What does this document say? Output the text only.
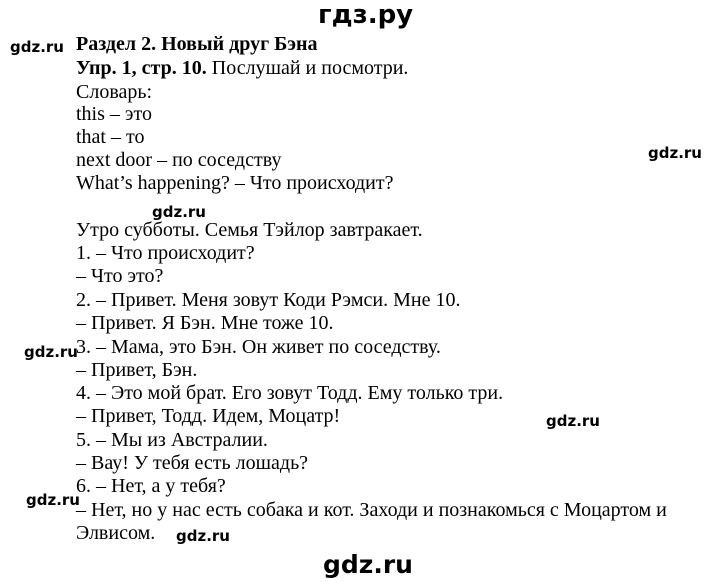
гдз.ру
gdz.ru
gdz.ru
gdz.ru
gdz.ru
gdz.ru
gdz.ru
gdz.ru
gdz.ru
Раздел 2. Новый друг Бэна
Упр. 1, стр. 10. Послушай и посмотри.
Словарь:
this – это
that – то
next door – по соседству
What’s happening? – Что происходит?
Утро субботы. Семья Тэйлор завтракает.
1. – Что происходит?
– Что это?
2. – Привет. Меня зовут Коди Рэмси. Мне 10.
– Привет. Я Бэн. Мне тоже 10.
3. – Мама, это Бэн. Он живет по соседству.
– Привет, Бэн.
4. – Это мой брат. Его зовут Тодд. Ему только три.
– Привет, Тодд. Идем, Моцатр!
5. – Мы из Австралии.
– Вау! У тебя есть лошадь?
6. – Нет, а у тебя?
– Нет, но у нас есть собака и кот. Заходи и познакомься с Моцартом и
Элвисом.
